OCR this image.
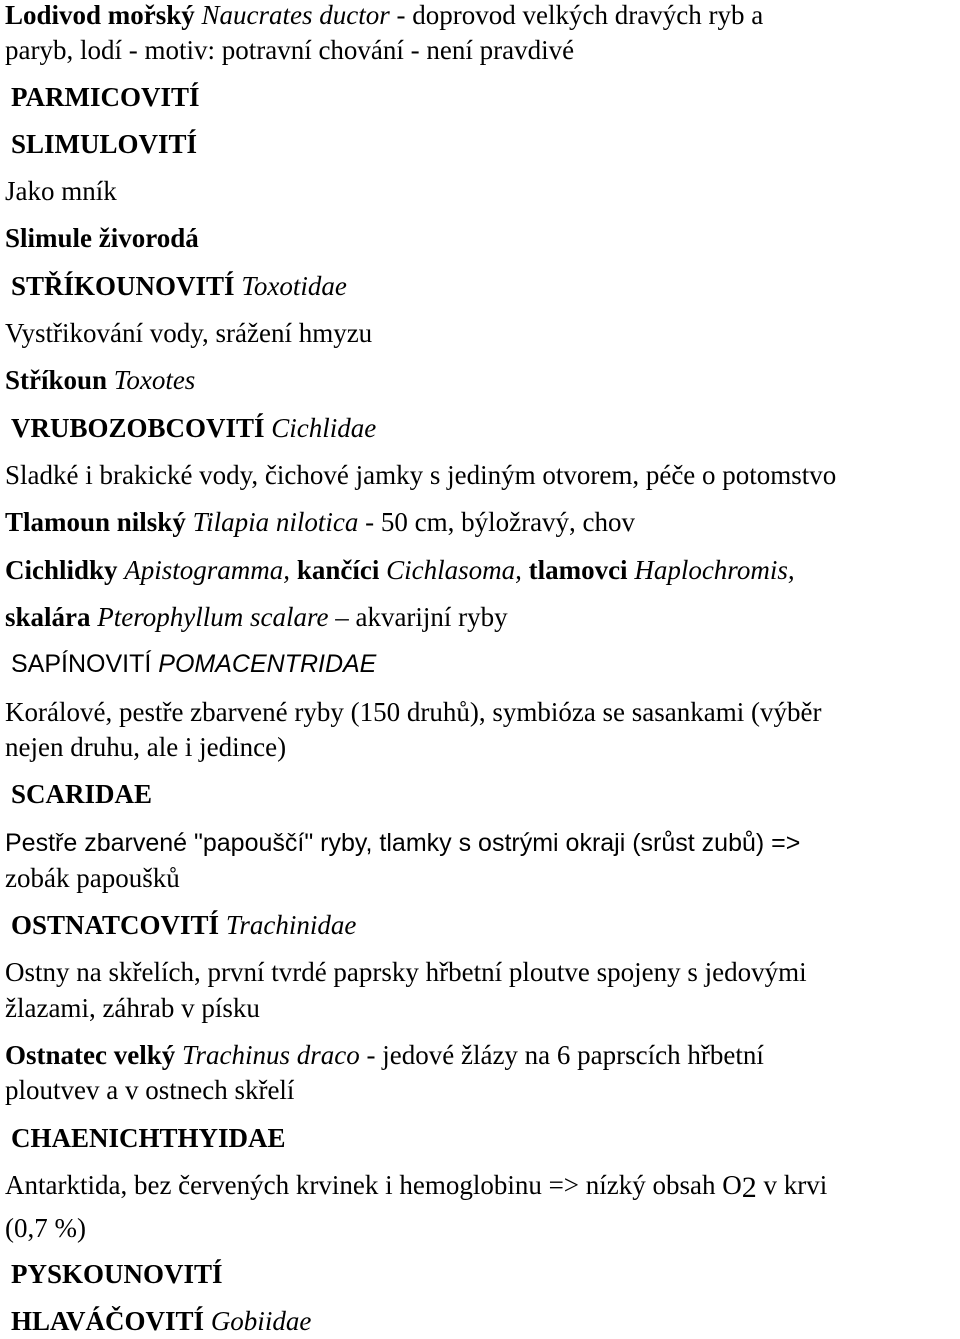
Lodivod mořský Naucrates ductor - doprovod velkých dravých ryb a
paryb, lodí - motiv: potravní chování - není pravdivé
PARMICOVITÍ
SLIMULOVITÍ
Jako mník
Slimule živorodá
STŘÍKOUNOVITÍ Toxotidae
Vystřikování vody, srážení hmyzu
Stříkoun Toxotes
VRUBOZOBCOVITÍ Cichlidae
Sladké i brakické vody, čichové jamky s jediným otvorem, péče o potomstvo
Tlamoun nilský Tilapia nilotica - 50 cm, býložravý, chov
Cichlidky Apistogramma, kančíci Cichlasoma, tlamovci Haplochromis,
skalára Pterophyllum scalare – akvarijní ryby
SAPÍNOVITÍ POMACENTRIDAE
Korálové, pestře zbarvené ryby (150 druhů), symbióza se sasankami (výběr
nejen druhu, ale i jedince)
SCARIDAE
Pestře zbarvené "papouščí" ryby, tlamky s ostrými okraji (srůst zubů) =>
zobák papoušků
OSTNATCOVITÍ Trachinidae
Ostny na skřelích, první tvrdé paprsky hřbetní ploutve spojeny s jedovými
žlazami, záhrab v písku
Ostnatec velký Trachinus draco - jedové žlázy na 6 paprscích hřbetní
ploutvev a v ostnech skřelí
CHAENICHTHYIDAE
Antarktida, bez červených krvinek i hemoglobinu => nízký obsah O2 v krvi
(0,7 %)
PYSKOUNOVITÍ
HLAVÁČOVITÍ Gobiidae
